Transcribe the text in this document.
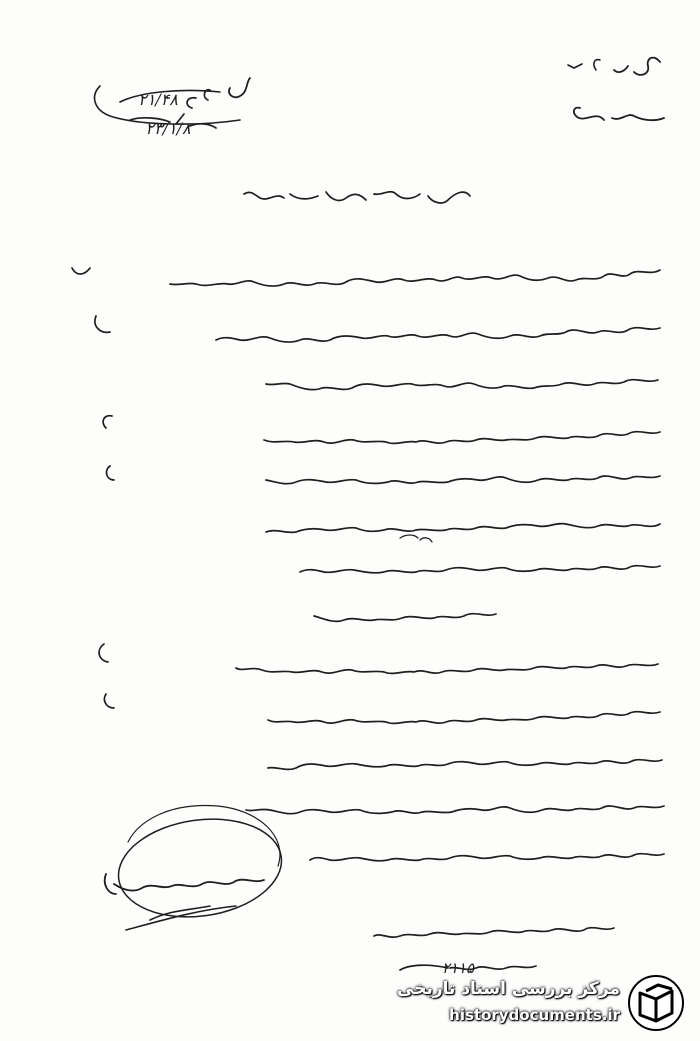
۲۱/۴۸
۲۳/۱/۸
۲۱۱۵
مرکز بررسی اسناد تاریخی
historydocuments.ir
